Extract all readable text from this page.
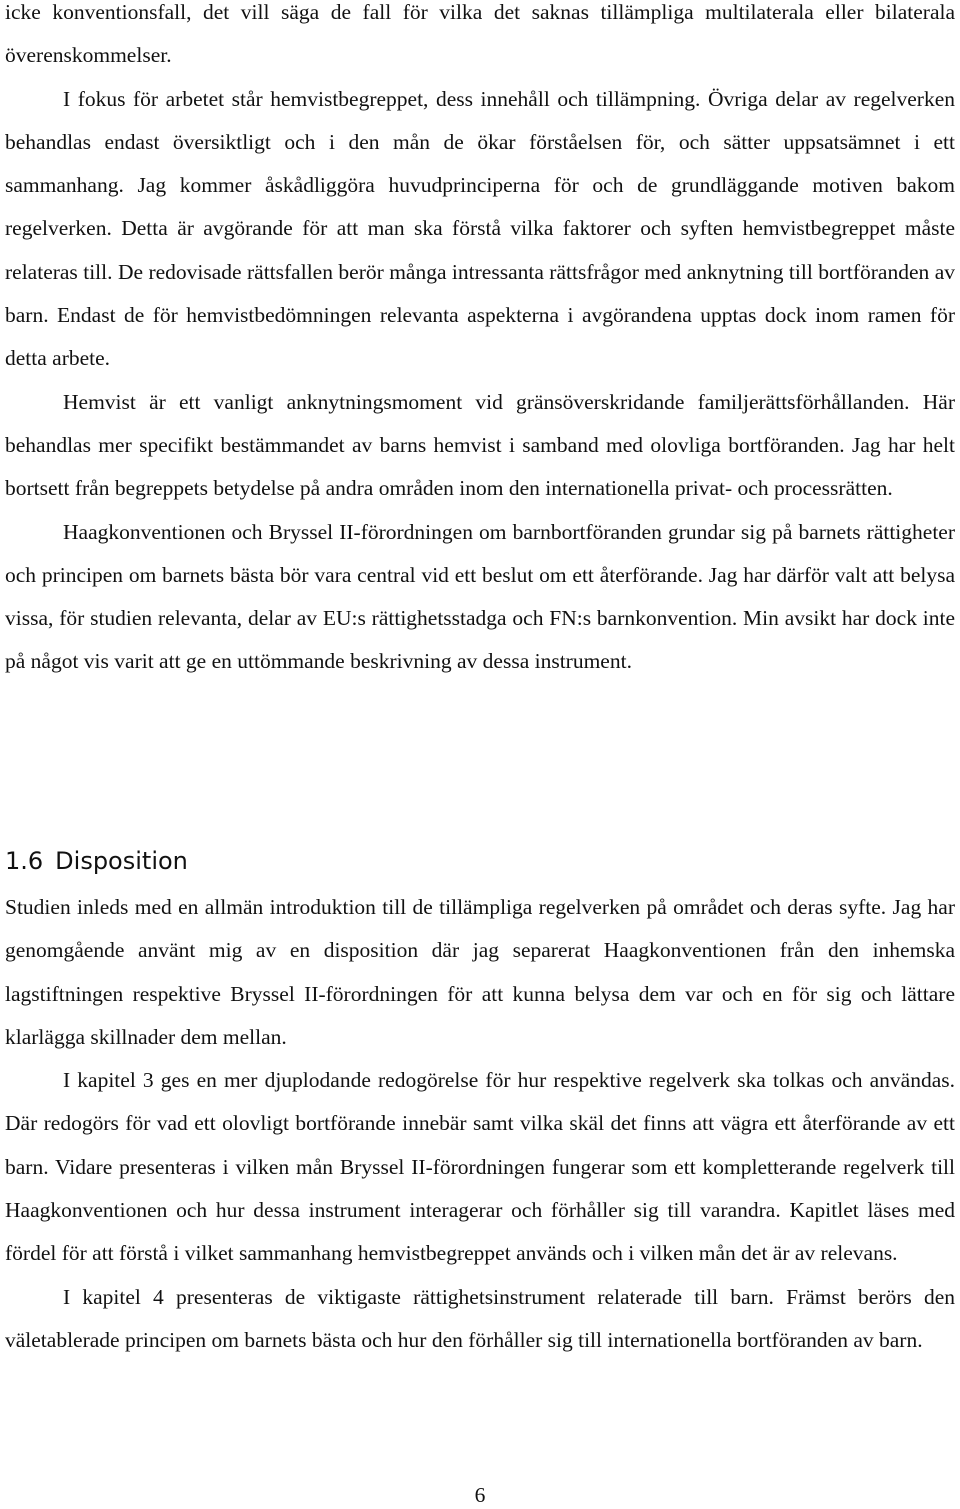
icke konventionsfall, det vill säga de fall för vilka det saknas tillämpliga multilaterala eller bilaterala överenskommelser.

I fokus för arbetet står hemvistbegreppet, dess innehåll och tillämpning. Övriga delar av regelverken behandlas endast översiktligt och i den mån de ökar förståelsen för, och sätter uppsatsämnet i ett sammanhang. Jag kommer åskådliggöra huvudprinciperna för och de grundläggande motiven bakom regelverken. Detta är avgörande för att man ska förstå vilka faktorer och syften hemvistbegreppet måste relateras till. De redovisade rättsfallen berör många intressanta rättsfrågor med anknytning till bortföranden av barn. Endast de för hemvistbedömningen relevanta aspekterna i avgörandena upptas dock inom ramen för detta arbete.

Hemvist är ett vanligt anknytningsmoment vid gränsöverskridande familjerättsförhållanden. Här behandlas mer specifikt bestämmandet av barns hemvist i samband med olovliga bortföranden. Jag har helt bortsett från begreppets betydelse på andra områden inom den internationella privat- och processrätten.

Haagkonventionen och Bryssel II-förordningen om barnbortföranden grundar sig på barnets rättigheter och principen om barnets bästa bör vara central vid ett beslut om ett återförande. Jag har därför valt att belysa vissa, för studien relevanta, delar av EU:s rättighetsstadga och FN:s barnkonvention. Min avsikt har dock inte på något vis varit att ge en uttömmande beskrivning av dessa instrument.

1.6 Disposition

Studien inleds med en allmän introduktion till de tillämpliga regelverken på området och deras syfte. Jag har genomgående använt mig av en disposition där jag separerat Haagkonventionen från den inhemska lagstiftningen respektive Bryssel II-förordningen för att kunna belysa dem var och en för sig och lättare klarlägga skillnader dem mellan.

I kapitel 3 ges en mer djuplodande redogörelse för hur respektive regelverk ska tolkas och användas. Där redogörs för vad ett olovligt bortförande innebär samt vilka skäl det finns att vägra ett återförande av ett barn. Vidare presenteras i vilken mån Bryssel II-förordningen fungerar som ett kompletterande regelverk till Haagkonventionen och hur dessa instrument interagerar och förhåller sig till varandra. Kapitlet läses med fördel för att förstå i vilket sammanhang hemvistbegreppet används och i vilken mån det är av relevans.

I kapitel 4 presenteras de viktigaste rättighetsinstrument relaterade till barn. Främst berörs den väletablerade principen om barnets bästa och hur den förhåller sig till internationella bortföranden av barn.

6
